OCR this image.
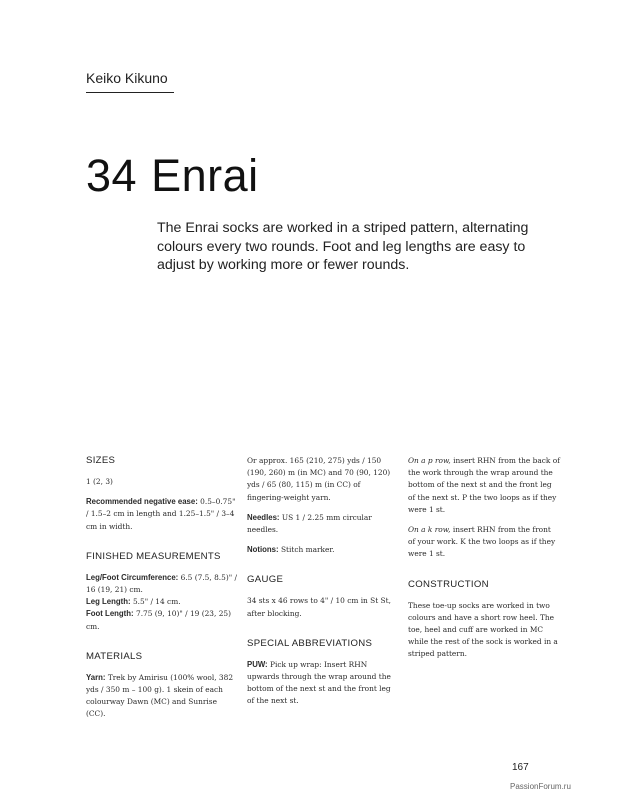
Keiko Kikuno
34 Enrai

The Enrai socks are worked in a striped pattern, alternating colours every two rounds. Foot and leg lengths are easy to adjust by working more or fewer rounds.

SIZES

1 (2, 3)

Recommended negative ease: 0.5–0.75" / 1.5–2 cm in length and 1.25–1.5" / 3–4 cm in width.

FINISHED MEASUREMENTS

Leg/Foot Circumference: 6.5 (7.5, 8.5)" / 16 (19, 21) cm.

Leg Length: 5.5" / 14 cm.

Foot Length: 7.75 (9, 10)" / 19 (23, 25) cm.

MATERIALS

Yarn: Trek by Amirisu (100% wool, 382 yds / 350 m – 100 g). 1 skein of each colourway Dawn (MC) and Sunrise (CC).

Or approx. 165 (210, 275) yds / 150 (190, 260) m (in MC) and 70 (90, 120) yds / 65 (80, 115) m (in CC) of fingering-weight yarn.

Needles: US 1 / 2.25 mm circular needles.

Notions: Stitch marker.

GAUGE

34 sts x 46 rows to 4" / 10 cm in St St, after blocking.

SPECIAL ABBREVIATIONS

PUW: Pick up wrap: Insert RHN upwards through the wrap around the bottom of the next st and the front leg of the next st.

On a p row, insert RHN from the back of the work through the wrap around the bottom of the next st and the front leg of the next st. P the two loops as if they were 1 st.

On a k row, insert RHN from the front of your work. K the two loops as if they were 1 st.

CONSTRUCTION

These toe-up socks are worked in two colours and have a short row heel. The toe, heel and cuff are worked in MC while the rest of the sock is worked in a striped pattern.

167
PassionForum.ru
